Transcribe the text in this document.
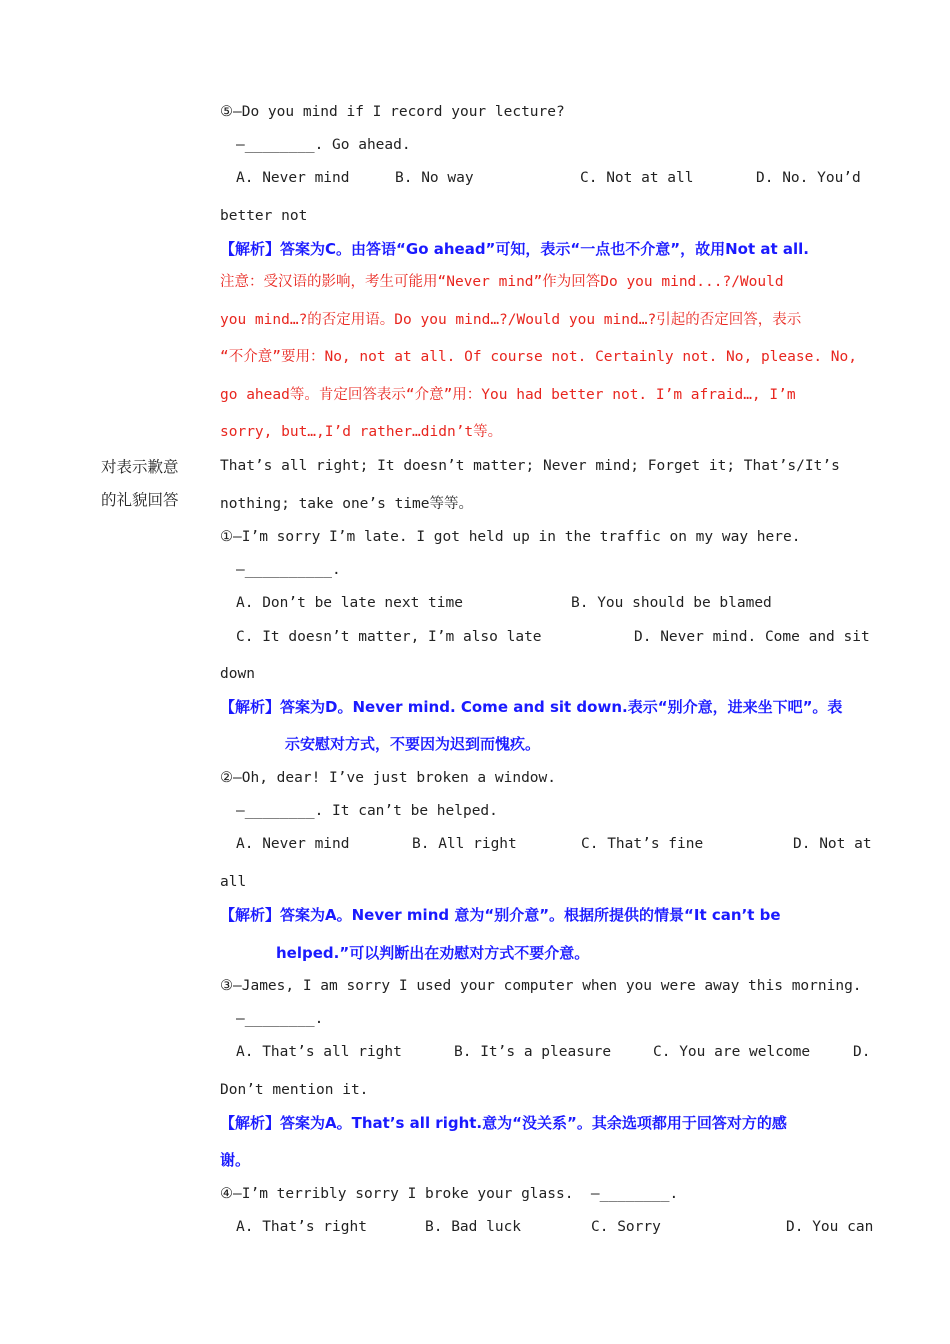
⑤—Do you mind if I record your lecture?
—________. Go ahead.
A. Never mind	B. No way	C. Not at all	D. No. You’d
better not
【解析】答案为C。由答语“Go ahead”可知，表示“一点也不介意”，故用Not at all.
注意：受汉语的影响，考生可能用“Never mind”作为回答Do you mind...?/Would
you mind…?的否定用语。Do you mind…?/Would you mind…?引起的否定回答，表示
“不介意”要用：No, not at all. Of course not. Certainly not. No, please. No,
go ahead等。肯定回答表示“介意”用：You had better not. I’m afraid…, I’m
sorry, but…,I’d rather…didn’t等。
对表示歉意
的礼貌回答
That’s all right; It doesn’t matter; Never mind; Forget it; That’s/It’s
nothing; take one’s time等等。
①—I’m sorry I’m late. I got held up in the traffic on my way here.
—__________.
A. Don’t be late next time	B. You should be blamed
C. It doesn’t matter, I’m also late	D. Never mind. Come and sit
down
【解析】答案为D。Never mind. Come and sit down.表示“别介意，进来坐下吧”。表
示安慰对方式，不要因为迟到而愧疚。
②—Oh, dear! I’ve just broken a window.
—________. It can’t be helped.
A. Never mind	B. All right	C. That’s fine	D. Not at
all
【解析】答案为A。Never mind 意为“别介意”。根据所提供的情景“It can’t be
helped.”可以判断出在劝慰对方式不要介意。
③—James, I am sorry I used your computer when you were away this morning.
—________.
A. That’s all right	B. It’s a pleasure	C. You are welcome	D.
Don’t mention it.
【解析】答案为A。That’s all right.意为“没关系”。其余选项都用于回答对方的感
谢。
④—I’m terribly sorry I broke your glass.  —________.
A. That’s right	B. Bad luck	C. Sorry	D. You can
